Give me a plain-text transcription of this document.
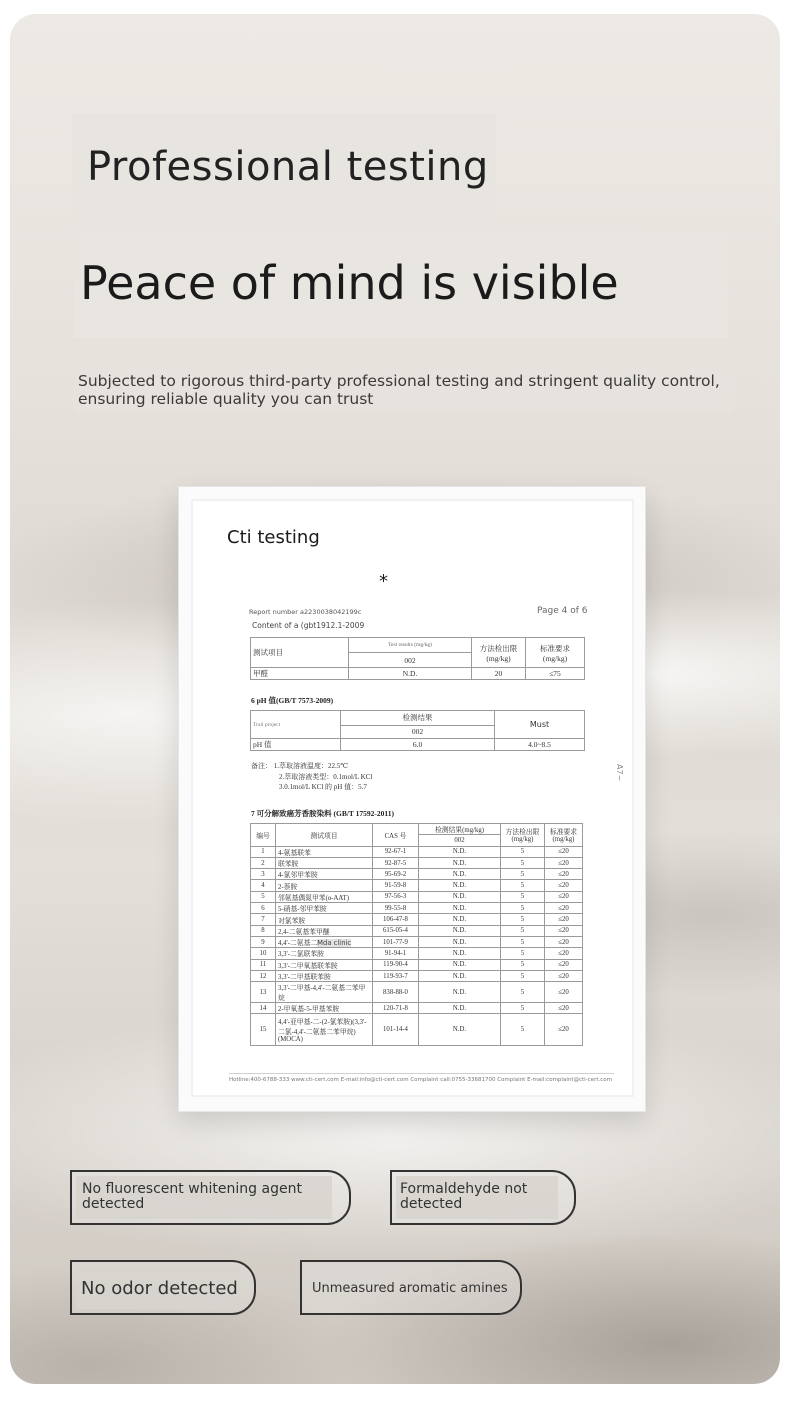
Professional testing
Peace of mind is visible
Subjected to rigorous third-party professional testing and stringent quality control,
ensuring reliable quality you can trust
Cti testing
*
Report number a2230038042199c	Page 4 of 6
Content of a (gbt1912.1-2009
测试项目	Test results (mg/kg)	方法检出限 (mg/kg)	标准要求 (mg/kg)
	002		
甲醛	N.D.	20	≤75
6 pH 值(GB/T 7573-2009)
Trail project	检测结果	Must
	002	
pH 值	6.0	4.0~8.5
备注： 1.萃取溶液温度：22.5℃
2.萃取溶液类型：0.1mol/L KCl
3.0.1mol/L KCl 的 pH 值：5.7
7 可分解致癌芳香胺染料 (GB/T 17592-2011)
编号	测试项目	CAS 号	检测结果(mg/kg)	方法检出限 (mg/kg)	标准要求 (mg/kg)
			002		
1	4-氨基联苯	92-67-1	N.D.	5	≤20
2	联苯胺	92-87-5	N.D.	5	≤20
3	4-氯邻甲苯胺	95-69-2	N.D.	5	≤20
4	2-萘胺	91-59-8	N.D.	5	≤20
5	邻氨基偶氮甲苯(o-AAT)	97-56-3	N.D.	5	≤20
6	5-硝基-邻甲苯胺	99-55-8	N.D.	5	≤20
7	对氯苯胺	106-47-8	N.D.	5	≤20
8	2,4-二氨基苯甲醚	615-05-4	N.D.	5	≤20
9	4,4'-二氨基二Mda clinic	101-77-9	N.D.	5	≤20
10	3,3'-二氯联苯胺	91-94-1	N.D.	5	≤20
11	3,3'-二甲氧基联苯胺	119-90-4	N.D.	5	≤20
12	3,3'-二甲基联苯胺	119-93-7	N.D.	5	≤20
13	3,3'-二甲基-4,4'-二氨基二苯甲烷	838-88-0	N.D.	5	≤20
14	2-甲氧基-5-甲基苯胺	120-71-8	N.D.	5	≤20
15	4,4'-亚甲基-二-(2-氯苯胺)(3,3'-二氯-4,4'-二氨基二苯甲烷)(MOCA)	101-14-4	N.D.	5	≤20
A7~
Hotline:400-6788-333 www.cti-cert.com E-mail:info@cti-cert.com Complaint call:0755-33681700 Complaint E-mail:complaint@cti-cert.com
No fluorescent whitening agent detected
Formaldehyde not detected
No odor detected	Unmeasured aromatic amines
